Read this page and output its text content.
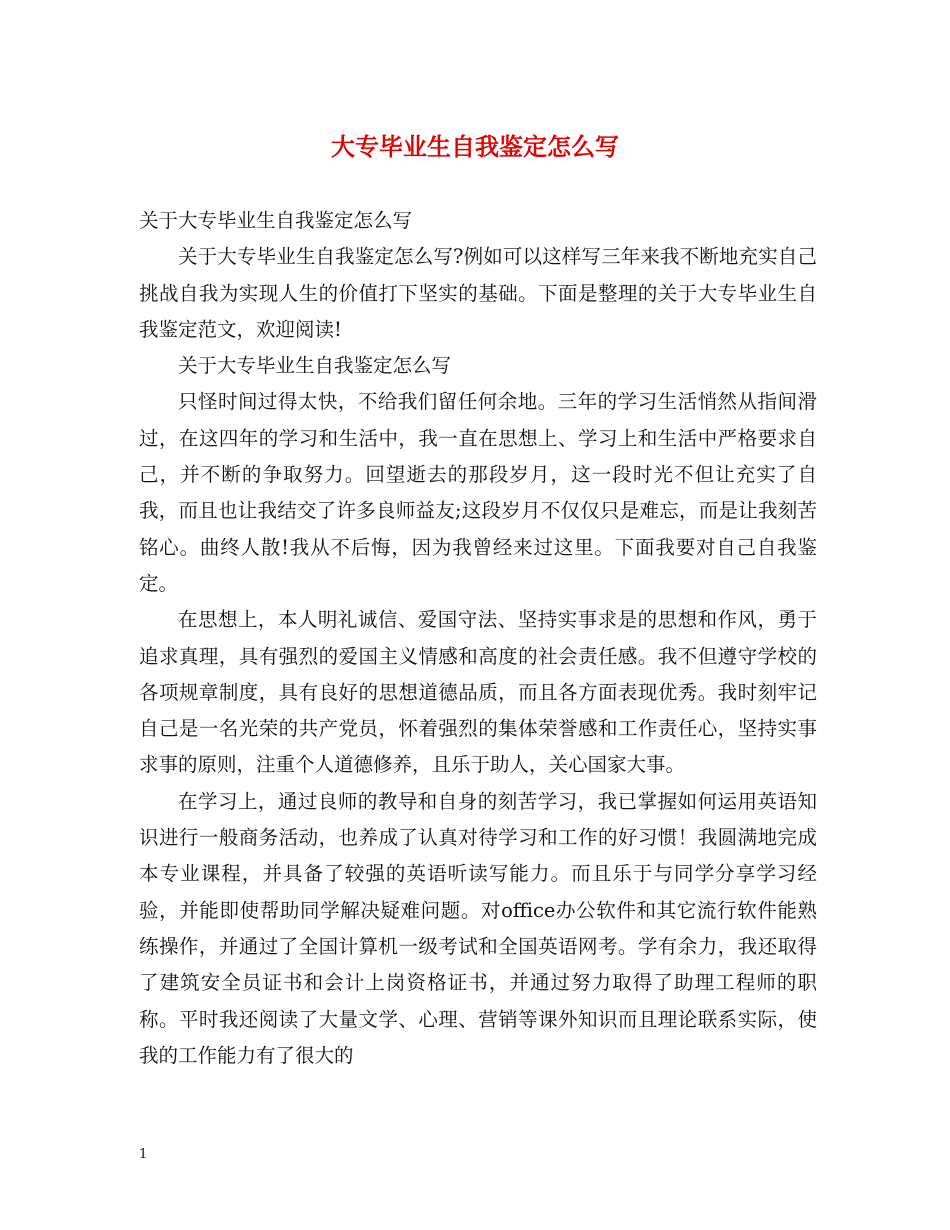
大专毕业生自我鉴定怎么写

关于大专毕业生自我鉴定怎么写

关于大专毕业生自我鉴定怎么写?例如可以这样写三年来我不断地充实自己挑战自我为实现人生的价值打下坚实的基础。下面是整理的关于大专毕业生自我鉴定范文，欢迎阅读!

关于大专毕业生自我鉴定怎么写

只怪时间过得太快，不给我们留任何余地。三年的学习生活悄然从指间滑过，在这四年的学习和生活中，我一直在思想上、学习上和生活中严格要求自己，并不断的争取努力。回望逝去的那段岁月，这一段时光不但让充实了自我，而且也让我结交了许多良师益友;这段岁月不仅仅只是难忘，而是让我刻苦铭心。曲终人散!我从不后悔，因为我曾经来过这里。下面我要对自己自我鉴定。

在思想上，本人明礼诚信、爱国守法、坚持实事求是的思想和作风，勇于追求真理，具有强烈的爱国主义情感和高度的社会责任感。我不但遵守学校的各项规章制度，具有良好的思想道德品质，而且各方面表现优秀。我时刻牢记自己是一名光荣的共产党员，怀着强烈的集体荣誉感和工作责任心，坚持实事求事的原则，注重个人道德修养，且乐于助人，关心国家大事。

在学习上，通过良师的教导和自身的刻苦学习，我已掌握如何运用英语知识进行一般商务活动，也养成了认真对待学习和工作的好习惯！我圆满地完成本专业课程，并具备了较强的英语听读写能力。而且乐于与同学分享学习经验，并能即使帮助同学解决疑难问题。对office办公软件和其它流行软件能熟练操作，并通过了全国计算机一级考试和全国英语网考。学有余力，我还取得了建筑安全员证书和会计上岗资格证书，并通过努力取得了助理工程师的职称。平时我还阅读了大量文学、心理、营销等课外知识而且理论联系实际，使我的工作能力有了很大的

1
